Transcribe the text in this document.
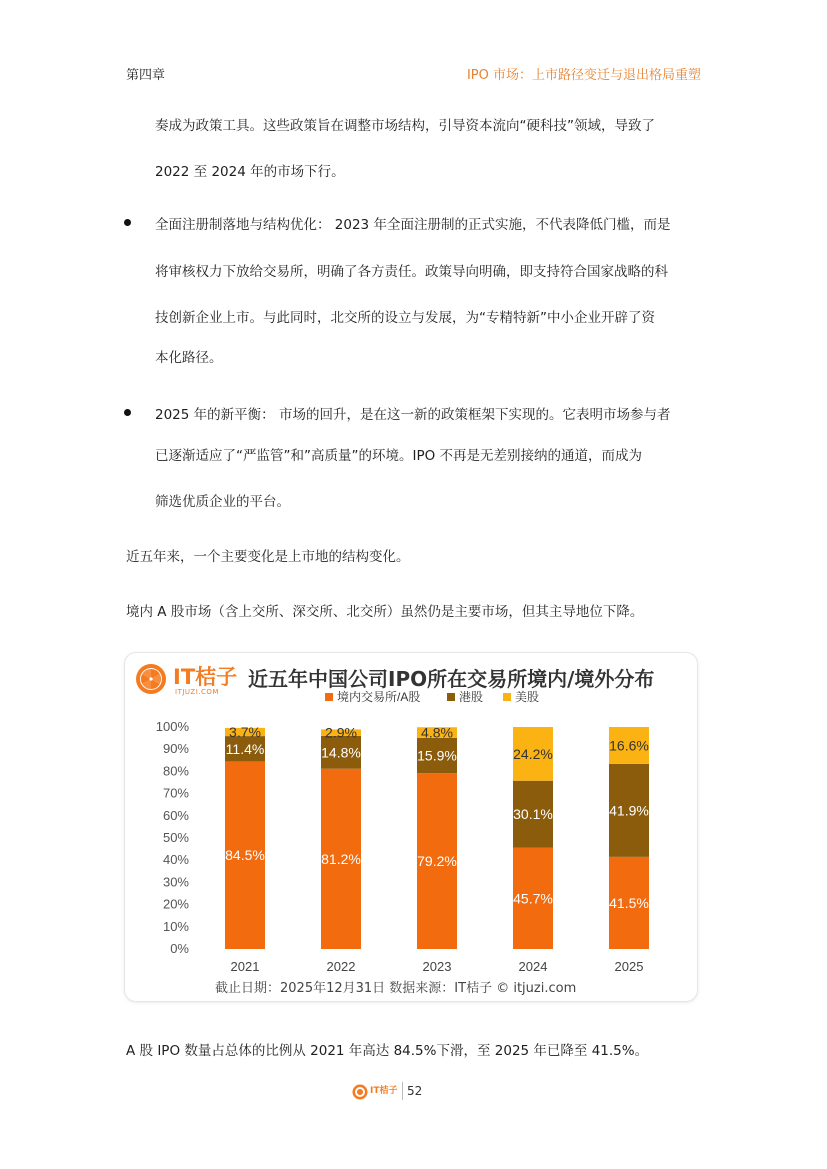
第四章	IPO 市场：上市路径变迁与退出格局重塑
奏成为政策工具。这些政策旨在调整市场结构，引导资本流向“硬科技”领域，导致了
2022 至 2024 年的市场下行。
全面注册制落地与结构优化： 2023 年全面注册制的正式实施，不代表降低门槛，而是
将审核权力下放给交易所，明确了各方责任。政策导向明确，即支持符合国家战略的科
技创新企业上市。与此同时，北交所的设立与发展，为“专精特新”中小企业开辟了资
本化路径。
2025 年的新平衡： 市场的回升，是在这一新的政策框架下实现的。它表明市场参与者
已逐渐适应了“严监管”和”高质量”的环境。IPO 不再是无差别接纳的通道，而成为
筛选优质企业的平台。
近五年来，一个主要变化是上市地的结构变化。
境内 A 股市场（含上交所、深交所、北交所）虽然仍是主要市场，但其主导地位下降。
IT桔子
ITJUZI.COM
近五年中国公司IPO所在交易所境内/境外分布
境内交易所/A股	港股	美股
0%
10%
20%
30%
40%
50%
60%
70%
80%
90%
100%
84.5%
11.4%
3.7%
2021
81.2%
14.8%
2.9%
2022
79.2%
15.9%
4.8%
2023
45.7%
30.1%
24.2%
2024
41.5%
41.9%
16.6%
2025
截止日期：2025年12月31日 数据来源：IT桔子 © itjuzi.com
A 股 IPO 数量占总体的比例从 2021 年高达 84.5%下滑，至 2025 年已降至 41.5%。
IT桔子 52
